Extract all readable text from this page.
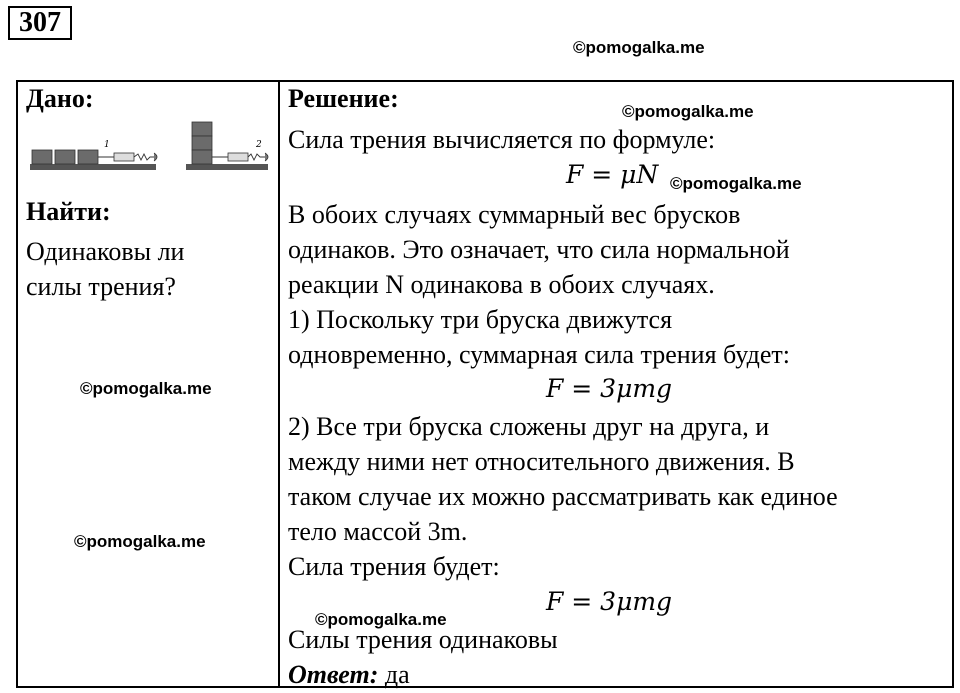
307
©pomogalka.me
Дано:
1	2
Найти:
Одинаковы ли
силы трения?
©pomogalka.me
©pomogalka.me
Решение:	©pomogalka.me
Сила трения вычисляется по формуле:
F = μN ©pomogalka.me
В обоих случаях суммарный вес брусков
одинаков. Это означает, что сила нормальной
реакции N одинакова в обоих случаях.
1) Поскольку три бруска движутся
одновременно, суммарная сила трения будет:
F = 3μmg
2) Все три бруска сложены друг на друга, и
между ними нет относительного движения. В
таком случае их можно рассматривать как единое
тело массой 3m.
Сила трения будет:
F = 3μmg
©pomogalka.me
Силы трения одинаковы
Ответ: да
